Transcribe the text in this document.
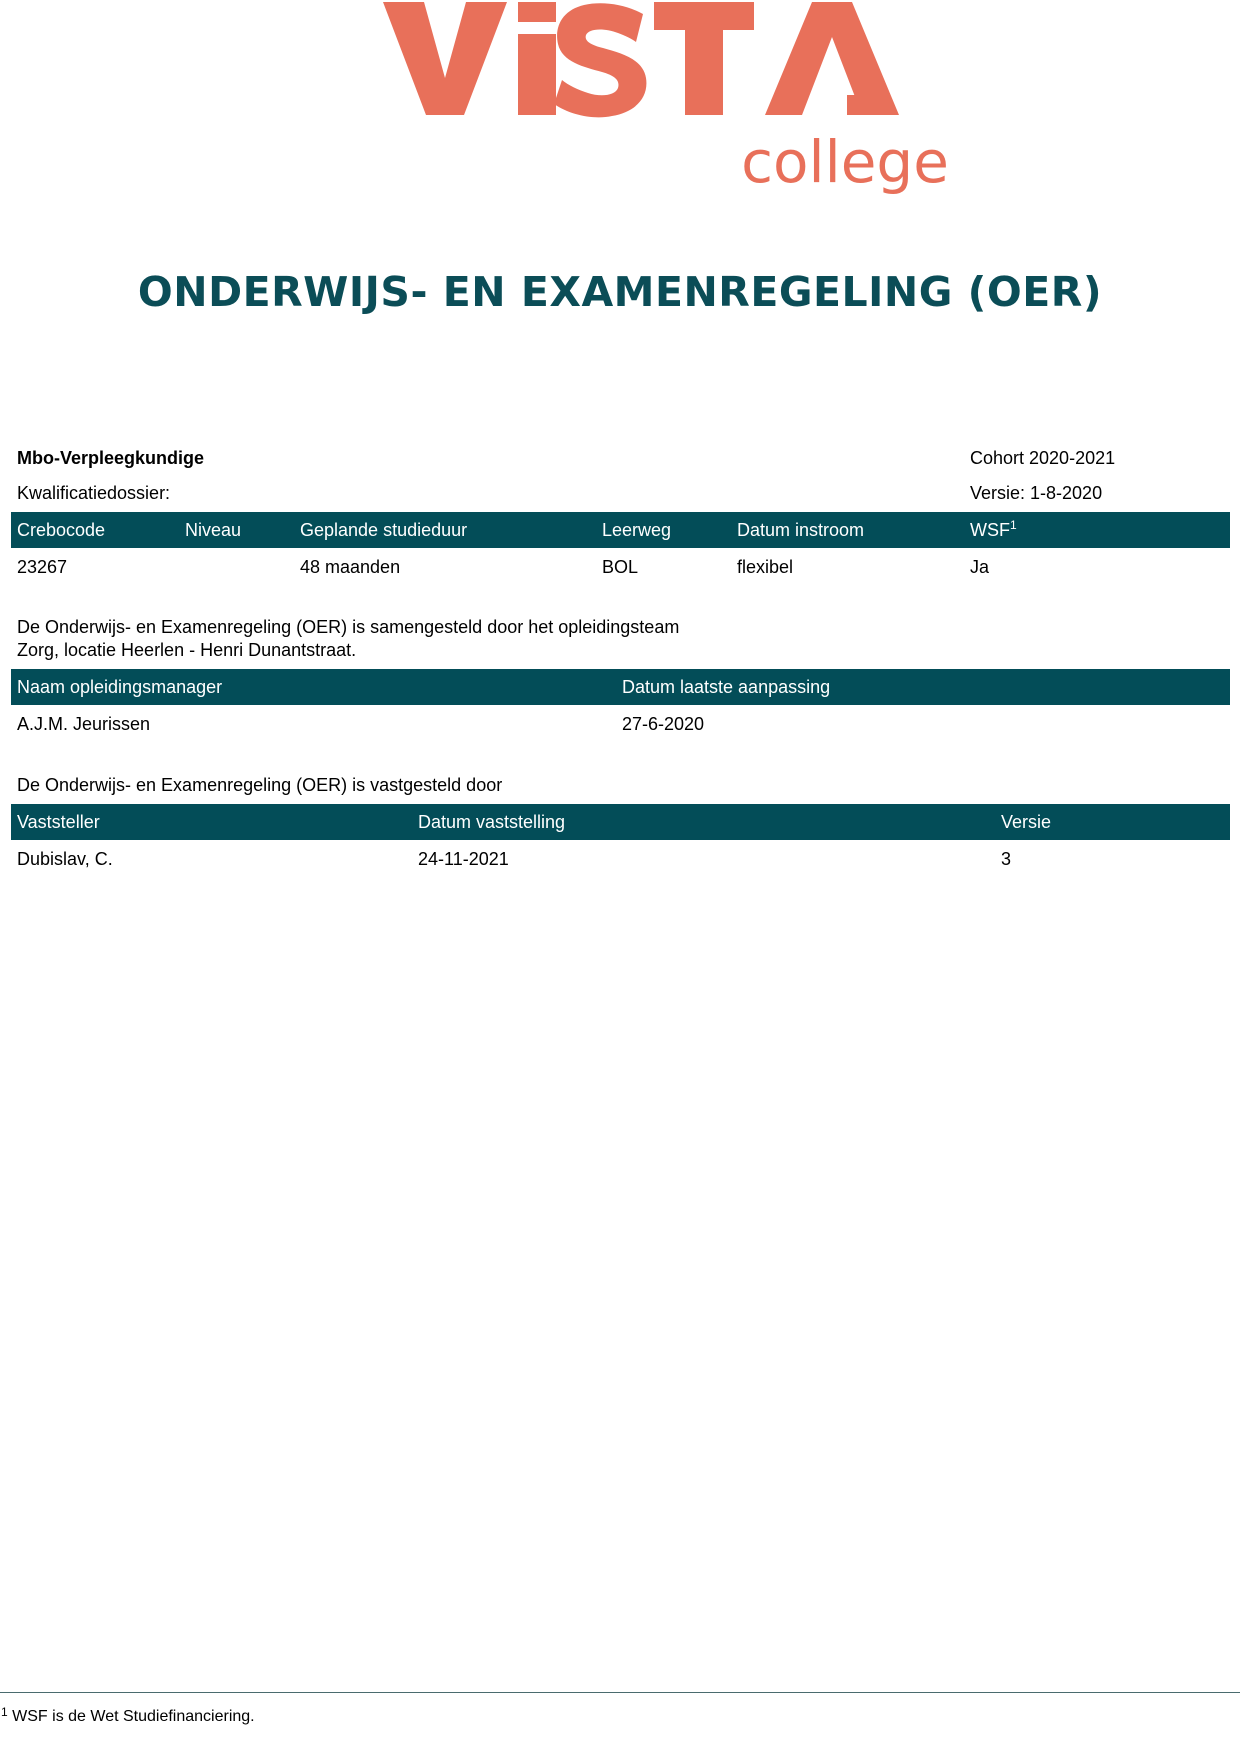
college
ONDERWIJS- EN EXAMENREGELING (OER)
Mbo-Verpleegkundige	Cohort 2020-2021
Kwalificatiedossier:	Versie: 1-8-2020
Crebocode	Niveau	Geplande studieduur	Leerweg	Datum instroom	WSF$^1$
23267		48 maanden	BOL	flexibel	Ja
De Onderwijs- en Examenregeling (OER) is samengesteld door het opleidingsteam
Zorg, locatie Heerlen - Henri Dunantstraat.
Naam opleidingsmanager	Datum laatste aanpassing
A.J.M. Jeurissen	27-6-2020
De Onderwijs- en Examenregeling (OER) is vastgesteld door
Vaststeller	Datum vaststelling	Versie
Dubislav, C.	24-11-2021	3
$^1$ WSF is de Wet Studiefinanciering.
